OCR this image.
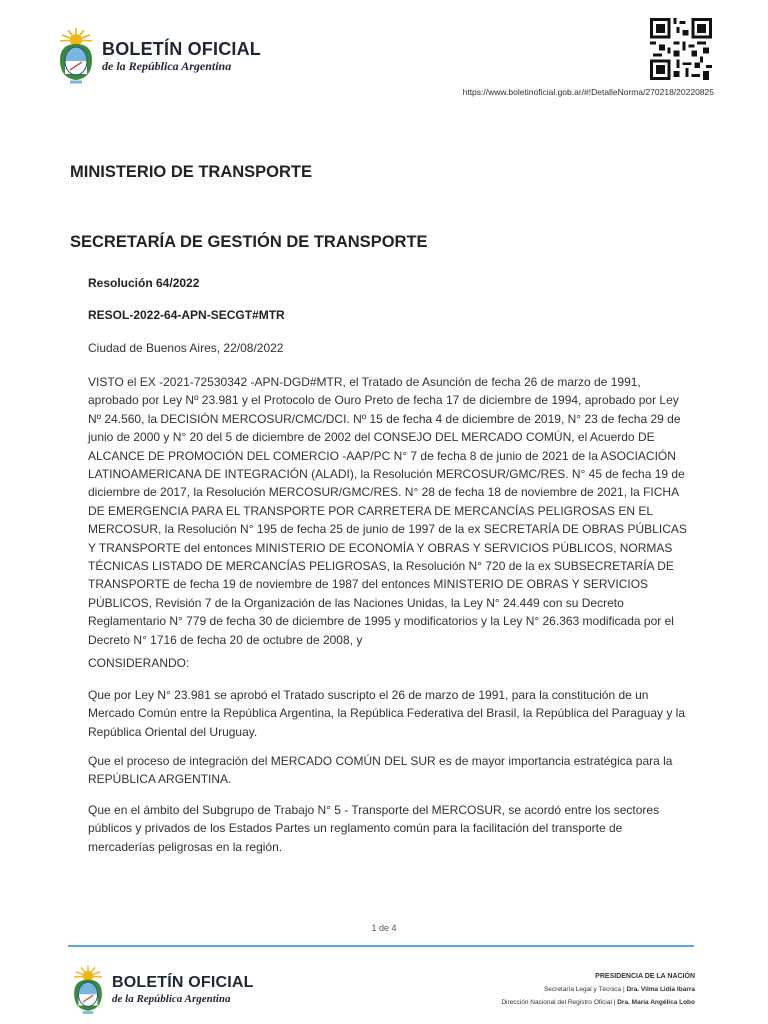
BOLETÍN OFICIAL
de la República Argentina
https://www.boletinoficial.gob.ar/#!DetalleNorma/270218/20220825
MINISTERIO DE TRANSPORTE
SECRETARÍA DE GESTIÓN DE TRANSPORTE
Resolución 64/2022
RESOL-2022-64-APN-SECGT#MTR

Ciudad de Buenos Aires, 22/08/2022

VISTO el EX -2021-72530342 -APN-DGD#MTR, el Tratado de Asunción de fecha 26 de marzo de 1991, aprobado por Ley Nº 23.981 y el Protocolo de Ouro Preto de fecha 17 de diciembre de 1994, aprobado por Ley Nº 24.560, la DECISIÓN MERCOSUR/CMC/DCI. Nº 15 de fecha 4 de diciembre de 2019, N° 23 de fecha 29 de junio de 2000 y N° 20 del 5 de diciembre de 2002 del CONSEJO DEL MERCADO COMÚN, el Acuerdo DE ALCANCE DE PROMOCIÓN DEL COMERCIO -AAP/PC N° 7 de fecha 8 de junio de 2021 de la ASOCIACIÓN LATINOAMERICANA DE INTEGRACIÓN (ALADI), la Resolución MERCOSUR/GMC/RES. N° 45 de fecha 19 de diciembre de 2017, la Resolución MERCOSUR/GMC/RES. N° 28 de fecha 18 de noviembre de 2021, la FICHA DE EMERGENCIA PARA EL TRANSPORTE POR CARRETERA DE MERCANCÍAS PELIGROSAS EN EL MERCOSUR, la Resolución N° 195 de fecha 25 de junio de 1997 de la ex SECRETARÍA DE OBRAS PÚBLICAS Y TRANSPORTE del entonces MINISTERIO DE ECONOMÍA Y OBRAS Y SERVICIOS PÚBLICOS, NORMAS TÉCNICAS LISTADO DE MERCANCÍAS PELIGROSAS, la Resolución N° 720 de la ex SUBSECRETARÍA DE TRANSPORTE de fecha 19 de noviembre de 1987 del entonces MINISTERIO DE OBRAS Y SERVICIOS PÚBLICOS, Revisión 7 de la Organización de las Naciones Unidas, la Ley N° 24.449 con su Decreto Reglamentario N° 779 de fecha 30 de diciembre de 1995 y modificatorios y la Ley N° 26.363 modificada por el Decreto N° 1716 de fecha 20 de octubre de 2008, y

CONSIDERANDO:

Que por Ley N° 23.981 se aprobó el Tratado suscripto el 26 de marzo de 1991, para la constitución de un Mercado Común entre la República Argentina, la República Federativa del Brasil, la República del Paraguay y la República Oriental del Uruguay.

Que el proceso de integración del MERCADO COMÚN DEL SUR es de mayor importancia estratégica para la REPÚBLICA ARGENTINA.

Que en el ámbito del Subgrupo de Trabajo N° 5 - Transporte del MERCOSUR, se acordó entre los sectores públicos y privados de los Estados Partes un reglamento común para la facilitación del transporte de mercaderías peligrosas en la región.

1 de 4
BOLETÍN OFICIAL
de la República Argentina
PRESIDENCIA DE LA NACIÓN
Secretaría Legal y Técnica | Dra. Vilma Lidia Ibarra
Dirección Nacional del Registro Oficial | Dra. María Angélica Lobo
